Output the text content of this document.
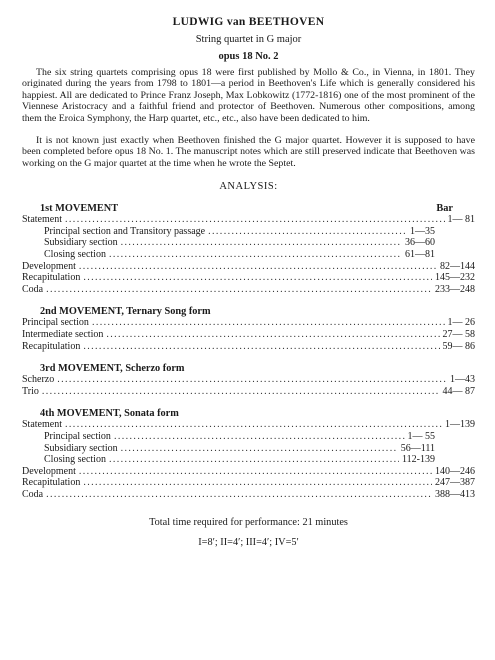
LUDWIG van BEETHOVEN
String quartet in G major
opus 18 No. 2

The six string quartets comprising opus 18 were first published by Mollo & Co., in Vienna, in 1801. They originated during the years from 1798 to 1801—a period in Beethoven's Life which is generally considered his happiest. All are dedicated to Prince Franz Joseph, Max Lobkowitz (1772-1816) one of the most prominent of the Viennese Aristocracy and a faithful friend and protector of Beethoven. Numerous other compositions, among them the Eroica Symphony, the Harp quartet, etc., etc., also have been dedicated to him.

It is not known just exactly when Beethoven finished the G major quartet. However it is supposed to have been completed before opus 18 No. 1. The manuscript notes which are still preserved indicate that Beethoven was working on the G major quartet at the time when he wrote the Septet.

ANALYSIS:
1st MOVEMENT	Bar
Statement .....	1— 81
Principal section and Transitory passage .....	1—35
Subsidiary section .....	36—60
Closing section .....	61—81
Development .....	82—144
Recapitulation .....	145—232
Coda .....	233—248
2nd MOVEMENT, Ternary Song form
Principal section .....	1— 26
Intermediate section .....	27— 58
Recapitulation .....	59— 86
3rd MOVEMENT, Scherzo form
Scherzo .....	1—43
Trio .....	44— 87
4th MOVEMENT, Sonata form
Statement .....	1—139
Principal section .....	1— 55
Subsidiary section .....	56—111
Closing section .....	112-139
Development .....	140—246
Recapitulation .....	247—387
Coda .....	388—413
Total time required for performance: 21 minutes
I=8′; II=4′; III=4′; IV=5′
